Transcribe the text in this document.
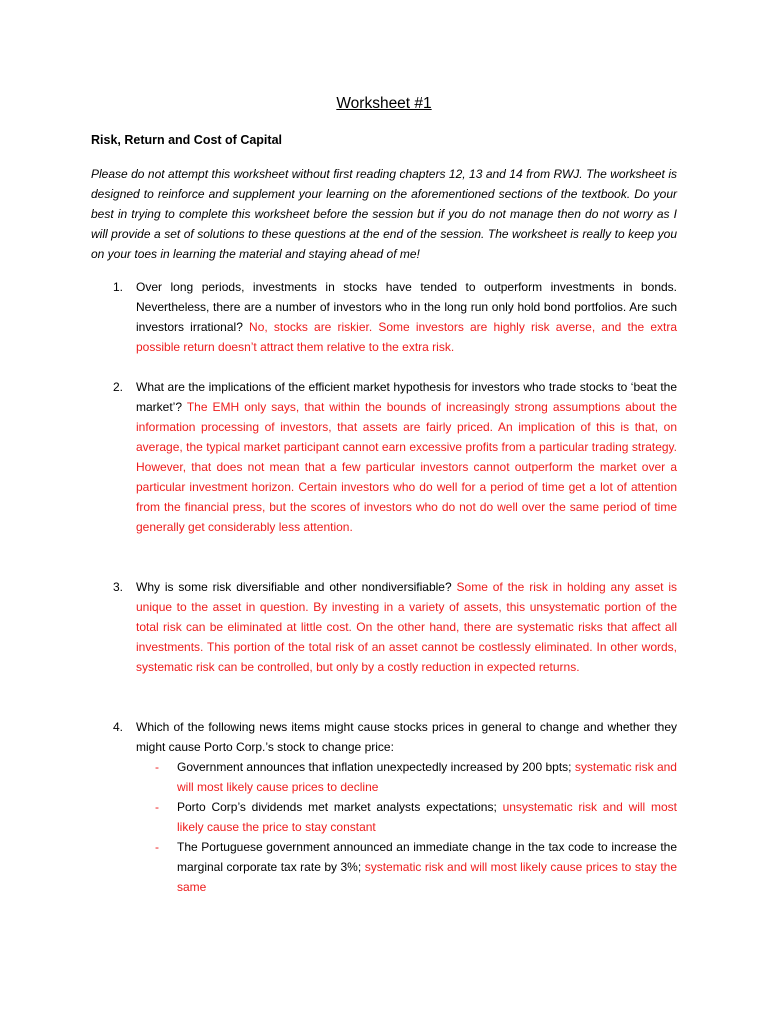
Worksheet #1
Risk, Return and Cost of Capital
Please do not attempt this worksheet without first reading chapters 12, 13 and 14 from RWJ. The worksheet is designed to reinforce and supplement your learning on the aforementioned sections of the textbook. Do your best in trying to complete this worksheet before the session but if you do not manage then do not worry as I will provide a set of solutions to these questions at the end of the session. The worksheet is really to keep you on your toes in learning the material and staying ahead of me!
1. Over long periods, investments in stocks have tended to outperform investments in bonds. Nevertheless, there are a number of investors who in the long run only hold bond portfolios. Are such investors irrational? No, stocks are riskier. Some investors are highly risk averse, and the extra possible return doesn’t attract them relative to the extra risk.
2. What are the implications of the efficient market hypothesis for investors who trade stocks to ‘beat the market’? The EMH only says, that within the bounds of increasingly strong assumptions about the information processing of investors, that assets are fairly priced. An implication of this is that, on average, the typical market participant cannot earn excessive profits from a particular trading strategy. However, that does not mean that a few particular investors cannot outperform the market over a particular investment horizon. Certain investors who do well for a period of time get a lot of attention from the financial press, but the scores of investors who do not do well over the same period of time generally get considerably less attention.
3. Why is some risk diversifiable and other nondiversifiable? Some of the risk in holding any asset is unique to the asset in question. By investing in a variety of assets, this unsystematic portion of the total risk can be eliminated at little cost. On the other hand, there are systematic risks that affect all investments. This portion of the total risk of an asset cannot be costlessly eliminated. In other words, systematic risk can be controlled, but only by a costly reduction in expected returns.
4. Which of the following news items might cause stocks prices in general to change and whether they might cause Porto Corp.’s stock to change price:
- Government announces that inflation unexpectedly increased by 200 bpts; systematic risk and will most likely cause prices to decline
- Porto Corp’s dividends met market analysts expectations; unsystematic risk and will most likely cause the price to stay constant
- The Portuguese government announced an immediate change in the tax code to increase the marginal corporate tax rate by 3%; systematic risk and will most likely cause prices to stay the same
